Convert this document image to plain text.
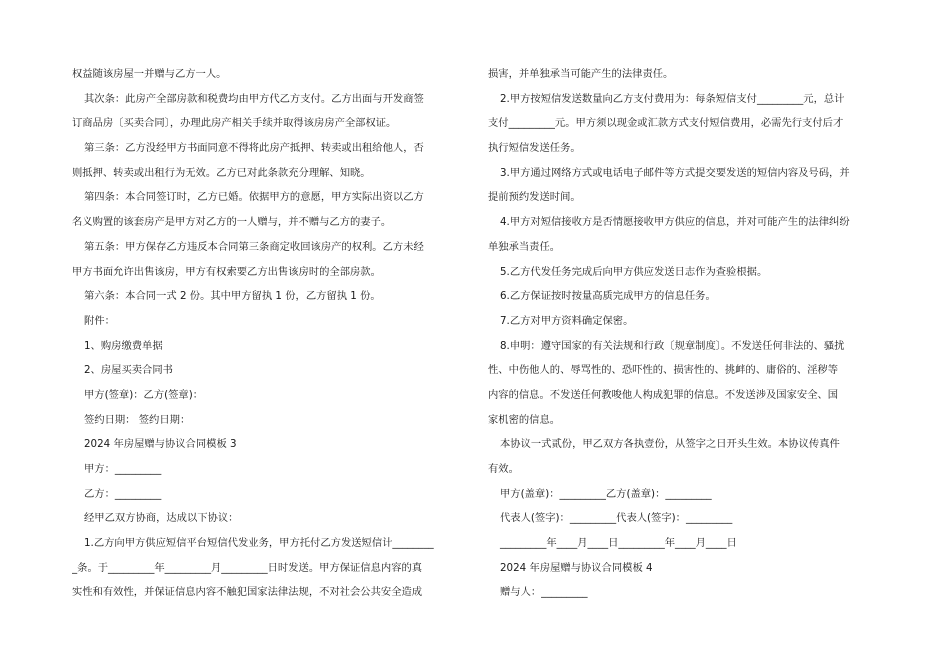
权益随该房屋一并赠与乙方一人。
其次条：此房产全部房款和税费均由甲方代乙方支付。乙方出面与开发商签
订商品房〔买卖合同〕，办理此房产相关手续并取得该房房产全部权证。
第三条：乙方没经甲方书面同意不得将此房产抵押、转卖或出租给他人，否
则抵押、转卖或出租行为无效。乙方已对此条款充分理解、知晓。
第四条：本合同签订时，乙方已婚。依据甲方的意愿，甲方实际出资以乙方
名义购置的该套房产是甲方对乙方的一人赠与，并不赠与乙方的妻子。
第五条：甲方保存乙方违反本合同第三条商定收回该房产的权利。乙方未经
甲方书面允许出售该房，甲方有权索要乙方出售该房时的全部房款。
第六条：本合同一式 2 份。其中甲方留执 1 份，乙方留执 1 份。
附件：
1、购房缴费单据
2、房屋买卖合同书
甲方(签章)：乙方(签章)：
签约日期： 签约日期：
2024 年房屋赠与协议合同模板 3
甲方：_________
乙方：_________
经甲乙双方协商，达成以下协议：
1.乙方向甲方供应短信平台短信代发业务，甲方托付乙方发送短信计________
_条。于_________年_________月_________日时发送。甲方保证信息内容的真
实性和有效性，并保证信息内容不触犯国家法律法规，不对社会公共安全造成
损害，并单独承当可能产生的法律责任。
2.甲方按短信发送数量向乙方支付费用为：每条短信支付_________元，总计
支付_________元。甲方须以现金或汇款方式支付短信费用，必需先行支付后才
执行短信发送任务。
3.甲方通过网络方式或电话电子邮件等方式提交要发送的短信内容及号码，并
提前预约发送时间。
4.甲方对短信接收方是否情愿接收甲方供应的信息，并对可能产生的法律纠纷
单独承当责任。
5.乙方代发任务完成后向甲方供应发送日志作为查验根据。
6.乙方保证按时按量高质完成甲方的信息任务。
7.乙方对甲方资料确定保密。
8.申明：遵守国家的有关法规和行政〔规章制度〕。不发送任何非法的、骚扰
性、中伤他人的、辱骂性的、恐吓性的、损害性的、挑衅的、庸俗的、淫秽等
内容的信息。不发送任何教唆他人构成犯罪的信息。不发送涉及国家安全、国
家机密的信息。
本协议一式贰份，甲乙双方各执壹份，从签字之日开头生效。本协议传真件
有效。
甲方(盖章)：_________乙方(盖章)：_________
代表人(签字)：_________代表人(签字)：_________
_________年____月____日_________年____月____日
2024 年房屋赠与协议合同模板 4
赠与人：_________
